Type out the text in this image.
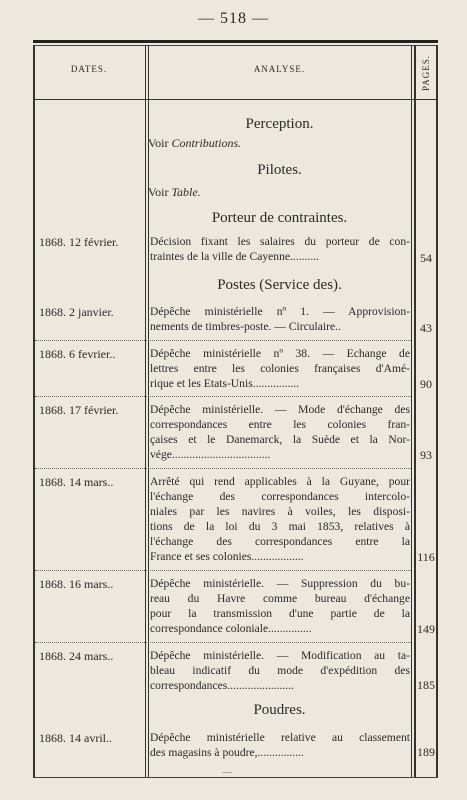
— 518 —
DATES.	ANALYSE.	PAGES.
Perception.
Voir Contributions.
Pilotes.
Voir Table.
Porteur de contraintes.
1868. 12 février.	Décision fixant les salaires du porteur de con-
traintes de la ville de Cayenne..........	54
Postes (Service des).
1868. 2 janvier.	Dépêche ministérielle nº 1. — Approvision-
nements de timbres-poste. — Circulaire..	43
1868. 6 fevrier..	Dépêche ministérielle nº 38. — Echange de
lettres entre les colonies françaises d'Amé-
rique et les Etats-Unis................	90
1868. 17 février.	Dépêche ministérielle. — Mode d'échange des
correspondances entre les colonies fran-
çaises et le Danemarck, la Suède et la Nor-
vége..................................	93
1868. 14 mars..	Arrêté qui rend applicables à la Guyane, pour
l'échange des correspondances intercolo-
niales par les navires à voiles, les disposi-
tions de la loi du 3 mai 1853, relatives à
l'échange des correspondances entre la
France et ses colonies..................	116
1868. 16 mars..	Dépêche ministérielle. — Suppression du bu-
reau du Havre comme bureau d'échange
pour la transmission d'une partie de la
correspondance coloniale...............	149
1868. 24 mars..	Dépêche ministérielle. — Modification au ta-
bleau indicatif du mode d'expédition des
correspondances.......................	185
Poudres.
1868. 14 avril..	Dépêche ministérielle relative au classement
des magasins à poudre,................	189
